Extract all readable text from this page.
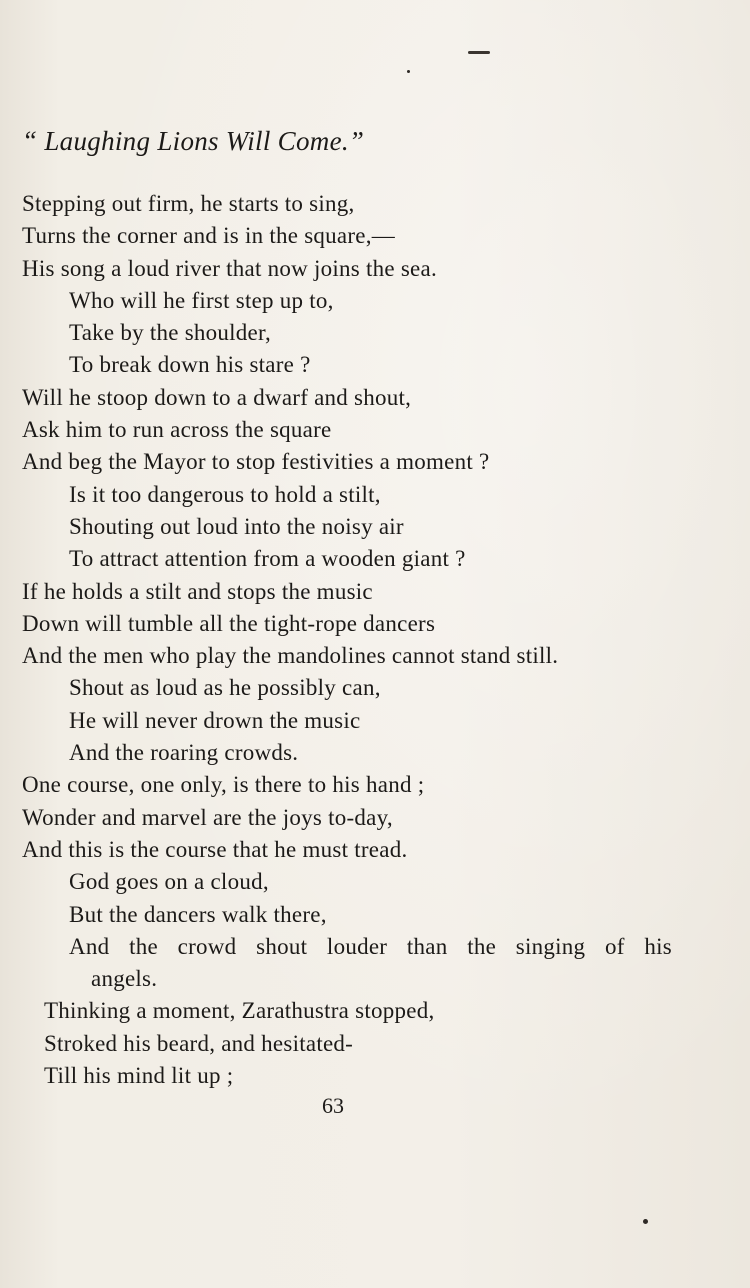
“ Laughing Lions Will Come.”
Stepping out firm, he starts to sing,
Turns the corner and is in the square,—
His song a loud river that now joins the sea.
Who will he first step up to,
Take by the shoulder,
To break down his stare ?
Will he stoop down to a dwarf and shout,
Ask him to run across the square
And beg the Mayor to stop festivities a moment ?
Is it too dangerous to hold a stilt,
Shouting out loud into the noisy air
To attract attention from a wooden giant ?
If he holds a stilt and stops the music
Down will tumble all the tight-rope dancers
And the men who play the mandolines cannot stand still.
Shout as loud as he possibly can,
He will never drown the music
And the roaring crowds.
One course, one only, is there to his hand ;
Wonder and marvel are the joys to-day,
And this is the course that he must tread.
God goes on a cloud,
But the dancers walk there,
And the crowd shout louder than the singing of his
angels.
Thinking a moment, Zarathustra stopped,
Stroked his beard, and hesitated-
Till his mind lit up ;
63
